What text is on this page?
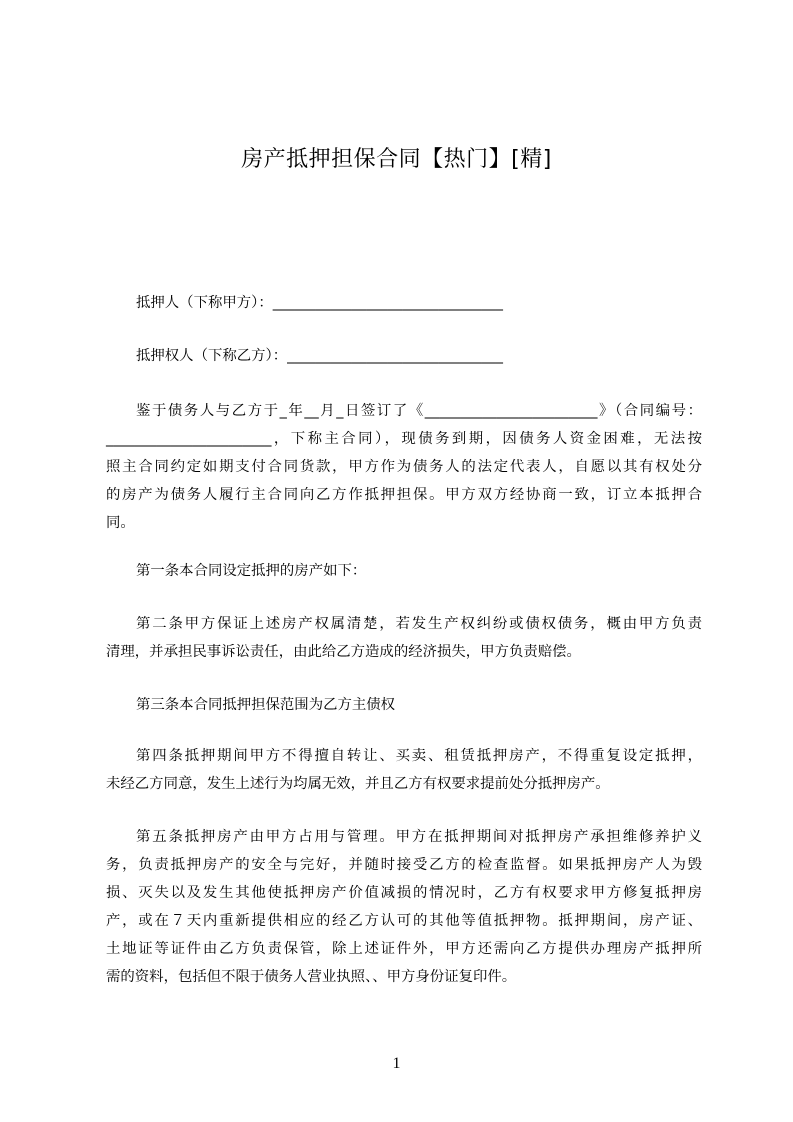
房产抵押担保合同【热门】[精]
抵押人（下称甲方）：________________________________
抵押权人（下称乙方）：______________________________
鉴于债务人与乙方于_年__月_日签订了《________________________》（合同编号：
_______________________，下称主合同），现债务到期，因债务人资金困难，无法按
照主合同约定如期支付合同货款，甲方作为债务人的法定代表人，自愿以其有权处分
的房产为债务人履行主合同向乙方作抵押担保。甲方双方经协商一致，订立本抵押合
同。
第一条本合同设定抵押的房产如下：
第二条甲方保证上述房产权属清楚，若发生产权纠纷或债权债务，概由甲方负责
清理，并承担民事诉讼责任，由此给乙方造成的经济损失，甲方负责赔偿。
第三条本合同抵押担保范围为乙方主债权
第四条抵押期间甲方不得擅自转让、买卖、租赁抵押房产，不得重复设定抵押，
未经乙方同意，发生上述行为均属无效，并且乙方有权要求提前处分抵押房产。
第五条抵押房产由甲方占用与管理。甲方在抵押期间对抵押房产承担维修养护义
务，负责抵押房产的安全与完好，并随时接受乙方的检查监督。如果抵押房产人为毁
损、灭失以及发生其他使抵押房产价值减损的情况时，乙方有权要求甲方修复抵押房
产，或在７天内重新提供相应的经乙方认可的其他等值抵押物。抵押期间，房产证、
土地证等证件由乙方负责保管，除上述证件外，甲方还需向乙方提供办理房产抵押所
需的资料，包括但不限于债务人营业执照、、甲方身份证复印件。
1
